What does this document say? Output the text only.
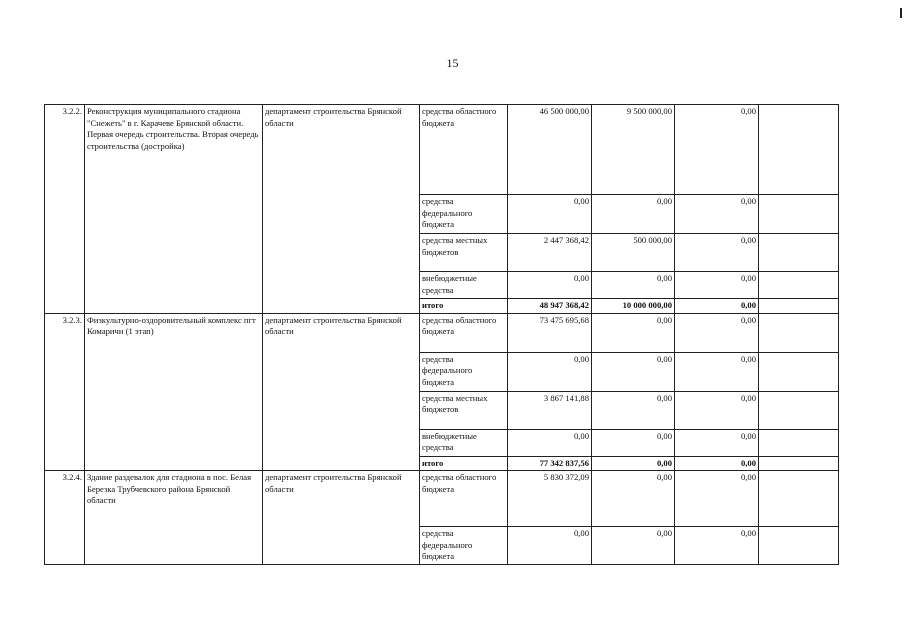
15
3.2.2.	Реконструкция муниципального стадиона "Снежеть" в г. Карачеве Брянской области. Первая очередь строительства. Вторая очередь строительства (достройка)	департамент строительства Брянской области	средства областного бюджета	46 500 000,00	9 500 000,00	0,00	
			средства федерального бюджета	0,00	0,00	0,00	
			средства местных бюджетов	2 447 368,42	500 000,00	0,00	
			внебюджетные средства	0,00	0,00	0,00	
			итого	48 947 368,42	10 000 000,00	0,00	
3.2.3.	Физкультурно-оздоровительный комплекс пгт Комаричи (1 этап)	департамент строительства Брянской области	средства областного бюджета	73 475 695,68	0,00	0,00	
			средства федерального бюджета	0,00	0,00	0,00	
			средства местных бюджетов	3 867 141,88	0,00	0,00	
			внебюджетные средства	0,00	0,00	0,00	
			итого	77 342 837,56	0,00	0,00	
3.2.4.	Здание раздевалок для стадиона в пос. Белая Березка Трубчевского района Брянской области	департамент строительства Брянской области	средства областного бюджета	5 830 372,09	0,00	0,00	
			средства федерального бюджета	0,00	0,00	0,00	
